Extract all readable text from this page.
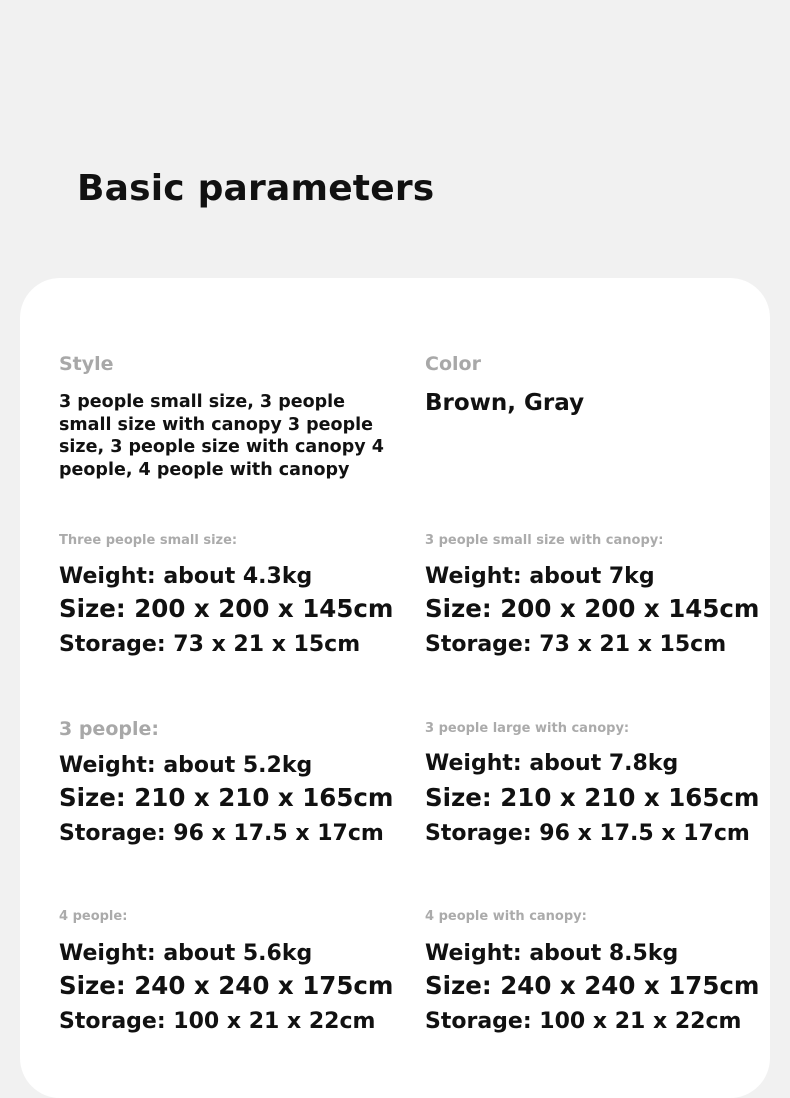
Basic parameters

Style

3 people small size, 3 people small size with canopy 3 people size, 3 people size with canopy 4 people, 4 people with canopy

Color

Brown, Gray

Three people small size:

Weight: about 4.3kg

Size: 200 x 200 x 145cm

Storage: 73 x 21 x 15cm

3 people small size with canopy:

Weight: about 7kg

Size: 200 x 200 x 145cm

Storage: 73 x 21 x 15cm

3 people:

Weight: about 5.2kg

Size: 210 x 210 x 165cm

Storage: 96 x 17.5 x 17cm

3 people large with canopy:

Weight: about 7.8kg

Size: 210 x 210 x 165cm

Storage: 96 x 17.5 x 17cm

4 people:

Weight: about 5.6kg

Size: 240 x 240 x 175cm

Storage: 100 x 21 x 22cm

4 people with canopy:

Weight: about 8.5kg

Size: 240 x 240 x 175cm

Storage: 100 x 21 x 22cm
